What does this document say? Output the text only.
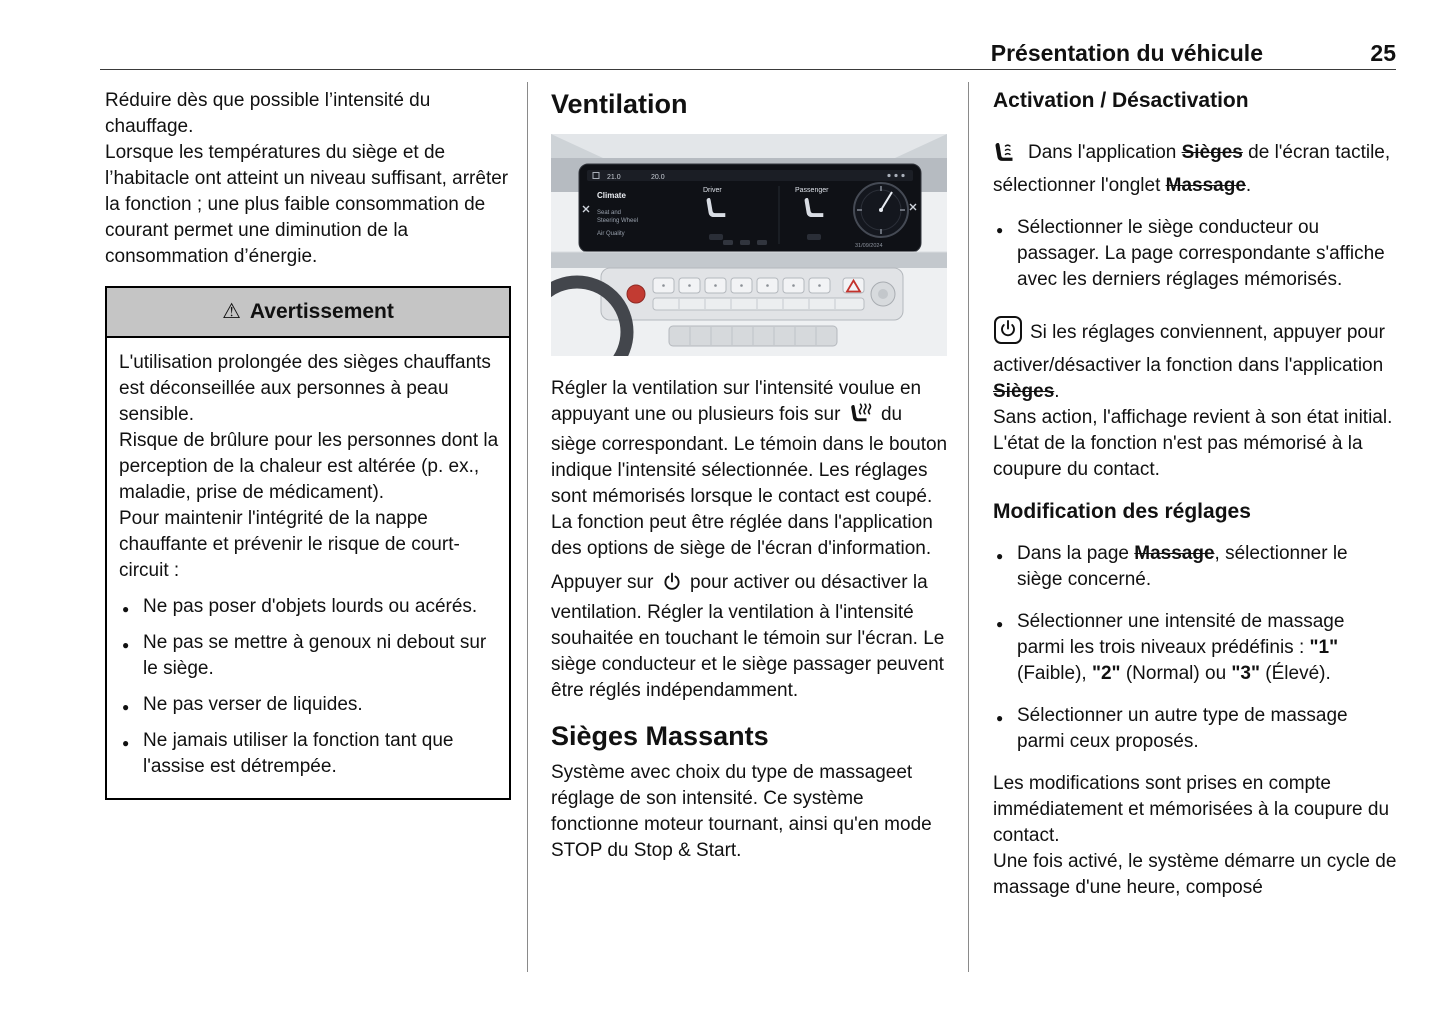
Présentation du véhicule	25
Réduire dès que possible l’intensité du chauffage.
Lorsque les températures du siège et de l’habitacle ont atteint un niveau suffisant, arrêter la fonction ; une plus faible consommation de courant permet une diminution de la consommation d’énergie.
⚠ Avertissement
L'utilisation prolongée des sièges chauffants est déconseillée aux personnes à peau sensible.
Risque de brûlure pour les personnes dont la perception de la chaleur est altérée (p. ex., maladie, prise de médicament).
Pour maintenir l'intégrité de la nappe chauffante et prévenir le risque de court-circuit :
● Ne pas poser d'objets lourds ou acérés.
● Ne pas se mettre à genoux ni debout sur le siège.
● Ne pas verser de liquides.
● Ne jamais utiliser la fonction tant que l'assise est détrempée.
Ventilation
21.0	20.0
Climate
Seat and
Steering Wheel
Air Quality
Driver	Passenger
31/09/2024
Régler la ventilation sur l'intensité voulue en appuyant une ou plusieurs fois sur  du siège correspondant. Le témoin dans le bouton indique l'intensité sélectionnée. Les réglages sont mémorisés lorsque le contact est coupé. La fonction peut être réglée dans l'application des options de siège de l'écran d'information.
Appuyer sur  pour activer ou désactiver la ventilation. Régler la ventilation à l'intensité souhaitée en touchant le témoin sur l'écran. Le siège conducteur et le siège passager peuvent être réglés indépendamment.
Sièges Massants
Système avec choix du type de massageet réglage de son intensité. Ce système fonctionne moteur tournant, ainsi qu'en mode STOP du Stop & Start.
Activation / Désactivation
Dans l'application Sièges de l'écran tactile, sélectionner l'onglet Massage.
● Sélectionner le siège conducteur ou passager. La page correspondante s'affiche avec les derniers réglages mémorisés.
Si les réglages conviennent, appuyer pour activer/désactiver la fonction dans l'application Sièges.
Sans action, l'affichage revient à son état initial.
L'état de la fonction n'est pas mémorisé à la coupure du contact.
Modification des réglages
● Dans la page Massage, sélectionner le siège concerné.
● Sélectionner une intensité de massage parmi les trois niveaux prédéfinis : "1" (Faible), "2" (Normal) ou "3" (Élevé).
● Sélectionner un autre type de massage parmi ceux proposés.
Les modifications sont prises en compte immédiatement et mémorisées à la coupure du contact.
Une fois activé, le système démarre un cycle de massage d'une heure, composé
